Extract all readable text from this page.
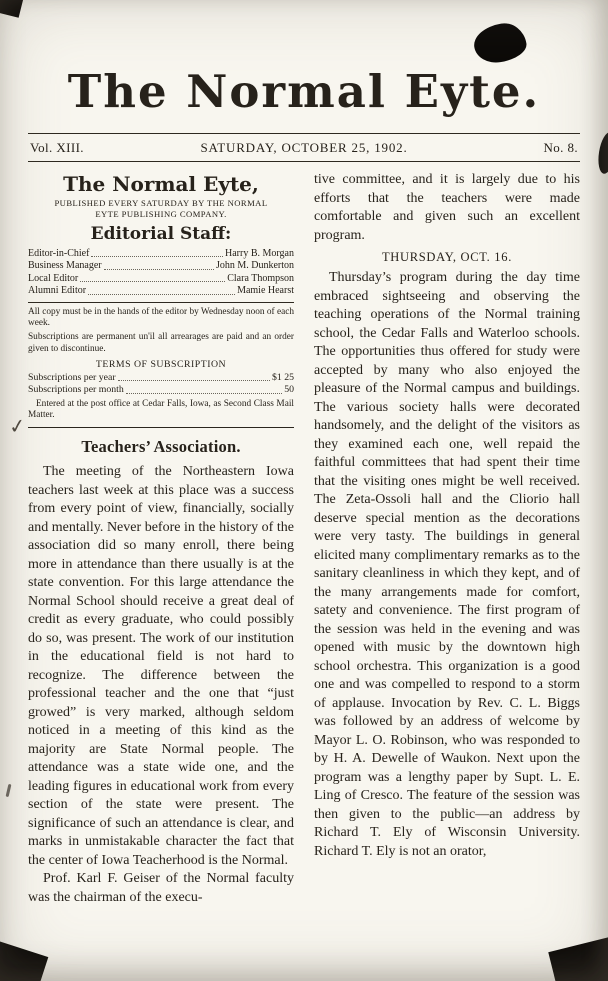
✓
The Normal Eyte.
Vol. XIII.	SATURDAY, OCTOBER 25, 1902.	No. 8.
The Normal Eyte,

PUBLISHED EVERY SATURDAY BY THE NORMAL EYTE PUBLISHING COMPANY.

Editorial Staff:
Editor-in-Chief	Harry B. Morgan
Business Manager	John M. Dunkerton
Local Editor	Clara Thompson
Alumni Editor	Mamie Hearst

All copy must be in the hands of the editor by Wednesday noon of each week.

Subscriptions are permanent un'il all arrearages are paid and an order given to discontinue.

TERMS OF SUBSCRIPTION

Subscriptions per year	$1 25
Subscriptions per month	50

Entered at the post office at Cedar Falls, Iowa, as Second Class Mail Matter.

Teachers’ Association.

The meeting of the Northeastern Iowa teachers last week at this place was a success from every point of view, financially, socially and mentally. Never before in the history of the association did so many enroll, there being more in attendance than there usually is at the state convention. For this large attendance the Normal School should receive a great deal of credit as every graduate, who could possibly do so, was present. The work of our institution in the educational field is not hard to recognize. The difference between the professional teacher and the one that “just growed” is very marked, although seldom noticed in a meeting of this kind as the majority are State Normal people. The attendance was a state wide one, and the leading figures in educational work from every section of the state were present. The significance of such an attendance is clear, and marks in unmistakable character the fact that the center of Iowa Teacherhood is the Normal.

Prof. Karl F. Geiser of the Normal faculty was the chairman of the execu-

tive committee, and it is largely due to his efforts that the teachers were made comfortable and given such an excellent program.

THURSDAY, OCT. 16.

Thursday’s program during the day time embraced sightseeing and observing the teaching operations of the Normal training school, the Cedar Falls and Waterloo schools. The opportunities thus offered for study were accepted by many who also enjoyed the pleasure of the Normal campus and buildings. The various society halls were decorated handsomely, and the delight of the visitors as they examined each one, well repaid the faithful committees that had spent their time that the visiting ones might be well received. The Zeta-Ossoli hall and the Cliorio hall deserve special mention as the decorations were very tasty. The buildings in general elicited many complimentary remarks as to the sanitary cleanliness in which they kept, and of the many arrangements made for comfort, satety and convenience. The first program of the session was held in the evening and was opened with music by the downtown high school orchestra. This organization is a good one and was compelled to respond to a storm of applause. Invocation by Rev. C. L. Biggs was followed by an address of welcome by Mayor L. O. Robinson, who was responded to by H. A. Dewelle of Waukon. Next upon the program was a lengthy paper by Supt. L. E. Ling of Cresco. The feature of the session was then given to the public—an address by Richard T. Ely of Wisconsin University. Richard T. Ely is not an orator,
